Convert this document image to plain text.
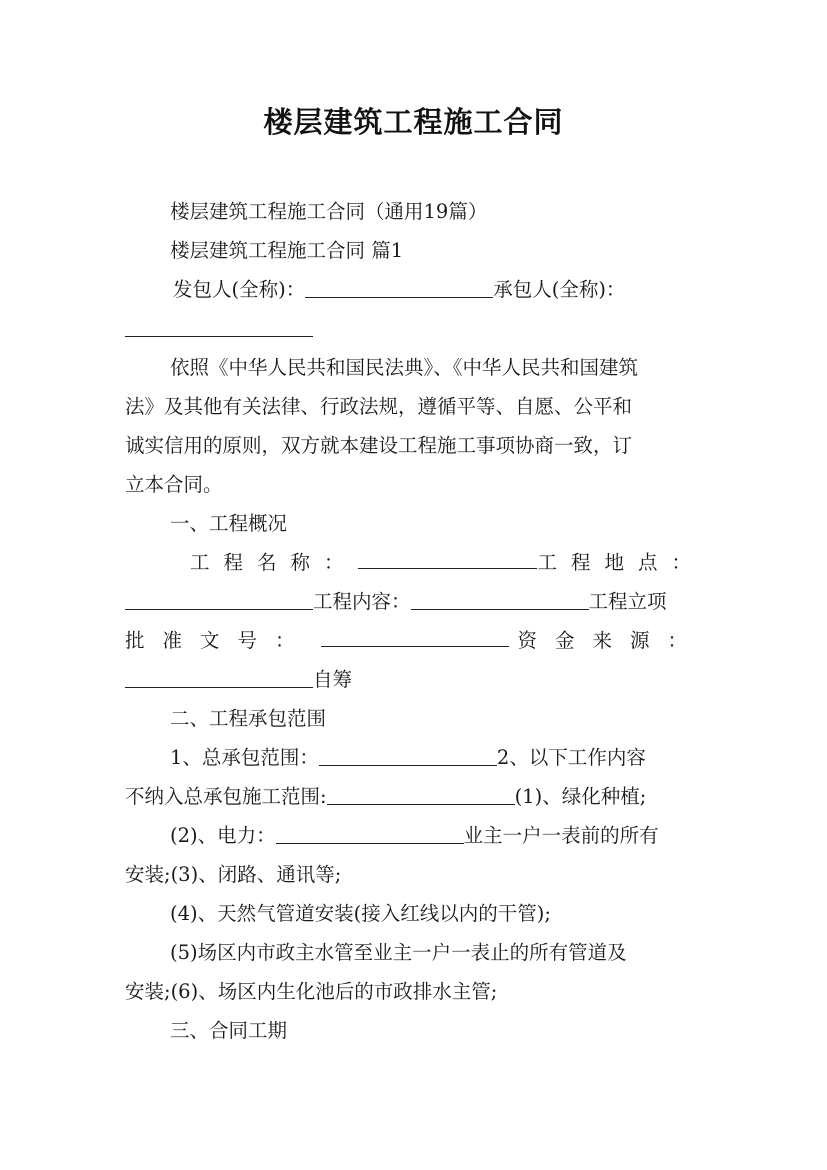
楼层建筑工程施工合同
楼层建筑工程施工合同（通用19篇）
楼层建筑工程施工合同 篇1
发包人(全称)：	承包人(全称)：
依照《中华人民共和国民法典》、《中华人民共和国建筑
法》及其他有关法律、行政法规，遵循平等、自愿、公平和
诚实信用的原则，双方就本建设工程施工事项协商一致，订
立本合同。
一、工程概况
工程名称：	工程地点：
工程内容：	工程立项
批准文号：	资金来源：
自筹
二、工程承包范围
1、总承包范围：	2、以下工作内容
不纳入总承包施工范围:	(1)、绿化种植;
(2)、电力：	业主一户一表前的所有
安装;(3)、闭路、通讯等;
(4)、天然气管道安装(接入红线以内的干管);
(5)场区内市政主水管至业主一户一表止的所有管道及
安装;(6)、场区内生化池后的市政排水主管;
三、合同工期
